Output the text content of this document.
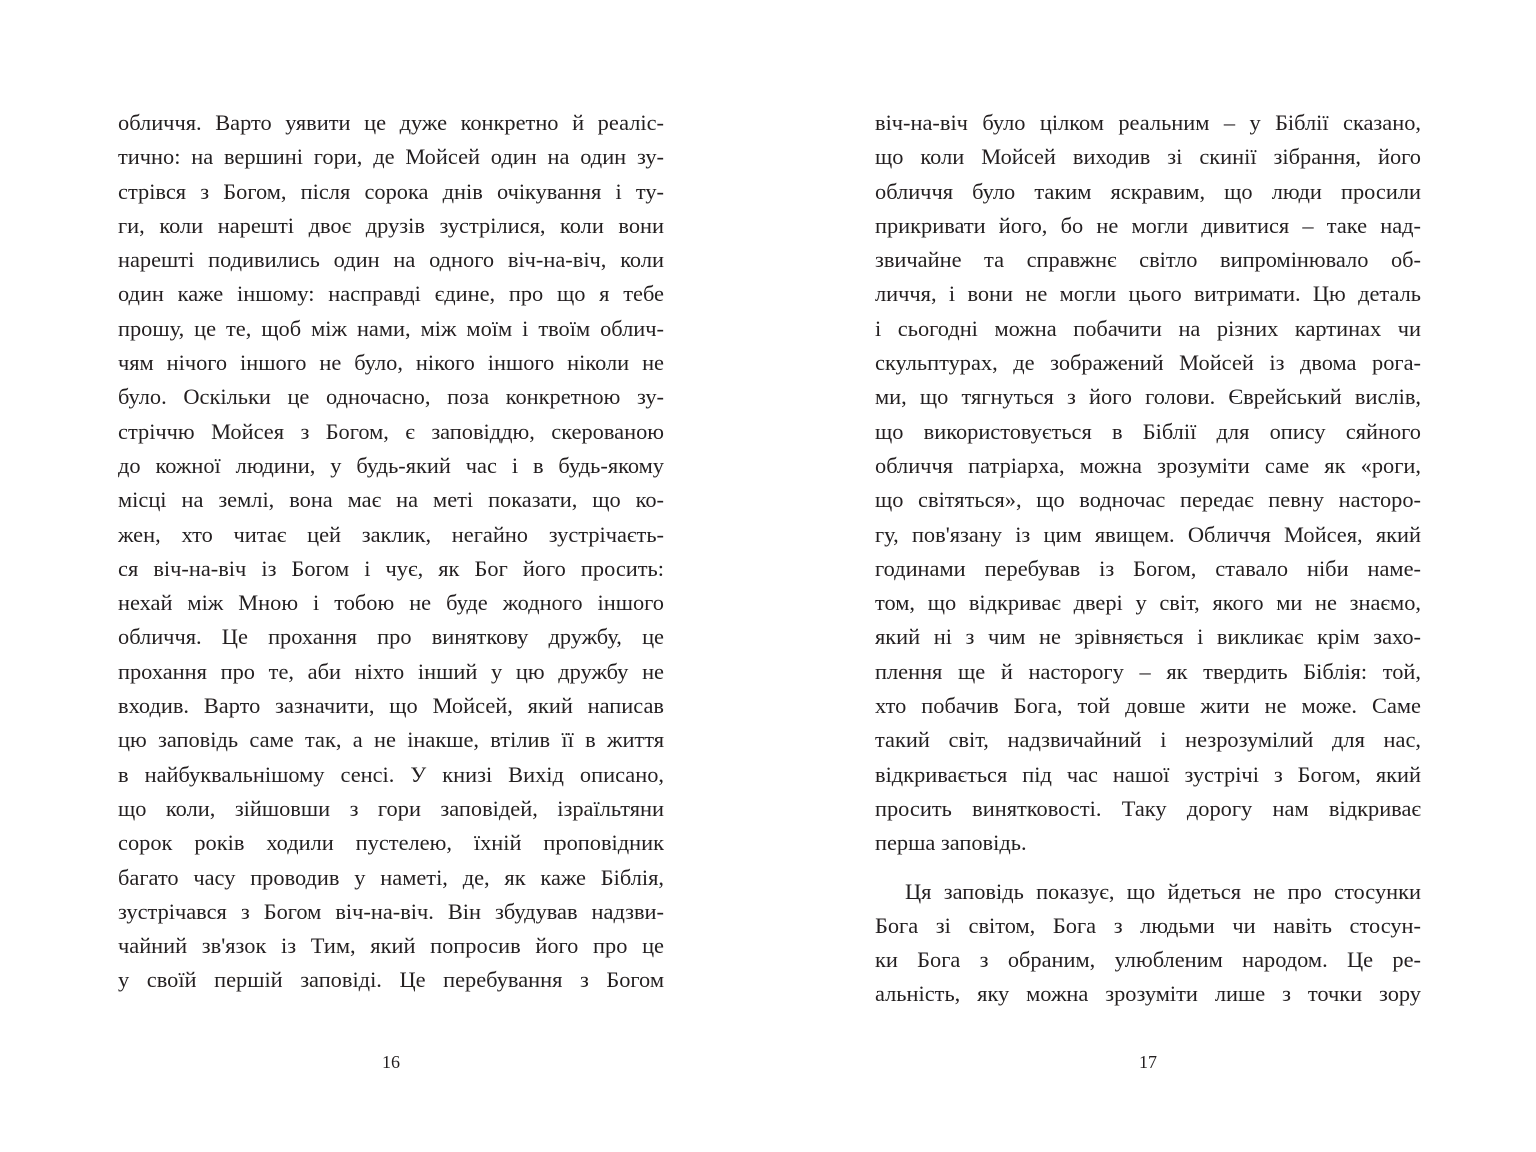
обличчя. Варто уявити це дуже конкретно й реаліс-
тично: на вершині гори, де Мойсей один на один зу-
стрівся з Богом, після сорока днів очікування і ту-
ги, коли нарешті двоє друзів зустрілися, коли вони
нарешті подивились один на одного віч-на-віч, коли
один каже іншому: насправді єдине, про що я тебе
прошу, це те, щоб між нами, між моїм і твоїм облич-
чям нічого іншого не було, нікого іншого ніколи не
було. Оскільки це одночасно, поза конкретною зу-
стріччю Мойсея з Богом, є заповіддю, скерованою
до кожної людини, у будь-який час і в будь-якому
місці на землі, вона має на меті показати, що ко-
жен, хто читає цей заклик, негайно зустрічаєть-
ся віч-на-віч із Богом і чує, як Бог його просить:
нехай між Мною і тобою не буде жодного іншого
обличчя. Це прохання про виняткову дружбу, це
прохання про те, аби ніхто інший у цю дружбу не
входив. Варто зазначити, що Мойсей, який написав
цю заповідь саме так, а не інакше, втілив її в життя
в найбуквальнішому сенсі. У книзі Вихід описано,
що коли, зійшовши з гори заповідей, ізраїльтяни
сорок років ходили пустелею, їхній проповідник
багато часу проводив у наметі, де, як каже Біблія,
зустрічався з Богом віч-на-віч. Він збудував надзви-
чайний зв'язок із Тим, який попросив його про це
у своїй першій заповіді. Це перебування з Богом
віч-на-віч було цілком реальним – у Біблії сказано,
що коли Мойсей виходив зі скинії зібрання, його
обличчя було таким яскравим, що люди просили
прикривати його, бо не могли дивитися – таке над-
звичайне та справжнє світло випромінювало об-
личчя, і вони не могли цього витримати. Цю деталь
і сьогодні можна побачити на різних картинах чи
скульптурах, де зображений Мойсей із двома рога-
ми, що тягнуться з його голови. Єврейський вислів,
що використовується в Біблії для опису сяйного
обличчя патріарха, можна зрозуміти саме як «роги,
що світяться», що водночас передає певну насторо-
гу, пов'язану із цим явищем. Обличчя Мойсея, який
годинами перебував із Богом, ставало ніби наме-
том, що відкриває двері у світ, якого ми не знаємо,
який ні з чим не зрівняється і викликає крім захо-
плення ще й насторогу – як твердить Біблія: той,
хто побачив Бога, той довше жити не може. Саме
такий світ, надзвичайний і незрозумілий для нас,
відкривається під час нашої зустрічі з Богом, який
просить винятковості. Таку дорогу нам відкриває
перша заповідь.
Ця заповідь показує, що йдеться не про стосунки
Бога зі світом, Бога з людьми чи навіть стосун-
ки Бога з обраним, улюбленим народом. Це ре-
альність, яку можна зрозуміти лише з точки зору
16	17
